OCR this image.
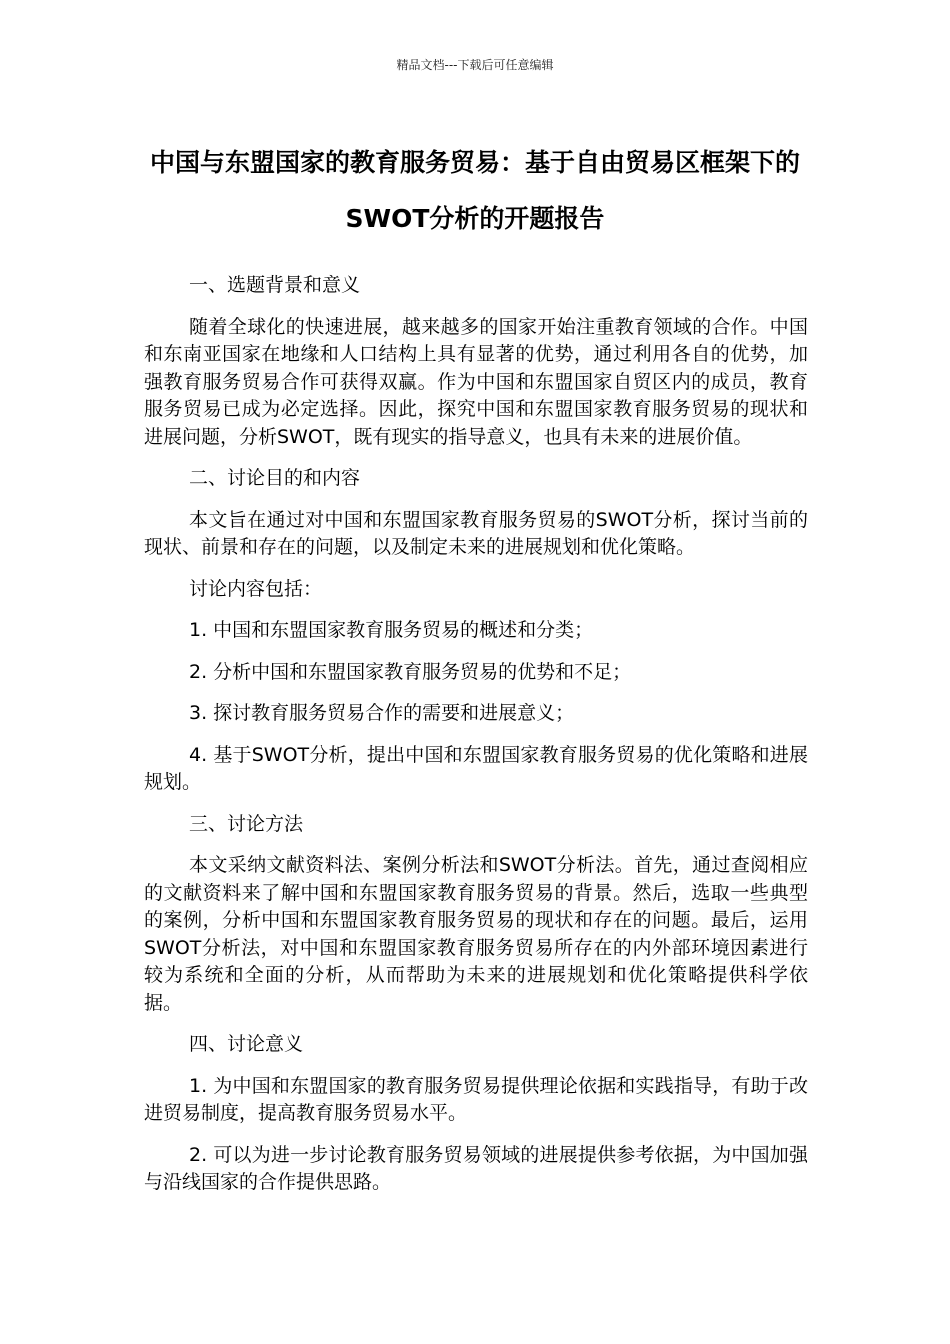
精品文档---下载后可任意编辑
中国与东盟国家的教育服务贸易：基于自由贸易区框架下的SWOT分析的开题报告

一、选题背景和意义

随着全球化的快速进展，越来越多的国家开始注重教育领域的合作。中国和东南亚国家在地缘和人口结构上具有显著的优势，通过利用各自的优势，加强教育服务贸易合作可获得双赢。作为中国和东盟国家自贸区内的成员，教育服务贸易已成为必定选择。因此，探究中国和东盟国家教育服务贸易的现状和进展问题，分析SWOT，既有现实的指导意义，也具有未来的进展价值。

二、讨论目的和内容

本文旨在通过对中国和东盟国家教育服务贸易的SWOT分析，探讨当前的现状、前景和存在的问题，以及制定未来的进展规划和优化策略。

讨论内容包括：

1. 中国和东盟国家教育服务贸易的概述和分类；

2. 分析中国和东盟国家教育服务贸易的优势和不足；

3. 探讨教育服务贸易合作的需要和进展意义；

4. 基于SWOT分析，提出中国和东盟国家教育服务贸易的优化策略和进展规划。

三、讨论方法

本文采纳文献资料法、案例分析法和SWOT分析法。首先，通过查阅相应的文献资料来了解中国和东盟国家教育服务贸易的背景。然后，选取一些典型的案例，分析中国和东盟国家教育服务贸易的现状和存在的问题。最后，运用SWOT分析法，对中国和东盟国家教育服务贸易所存在的内外部环境因素进行较为系统和全面的分析，从而帮助为未来的进展规划和优化策略提供科学依据。

四、讨论意义

1. 为中国和东盟国家的教育服务贸易提供理论依据和实践指导，有助于改进贸易制度，提高教育服务贸易水平。

2. 可以为进一步讨论教育服务贸易领域的进展提供参考依据，为中国加强与沿线国家的合作提供思路。
